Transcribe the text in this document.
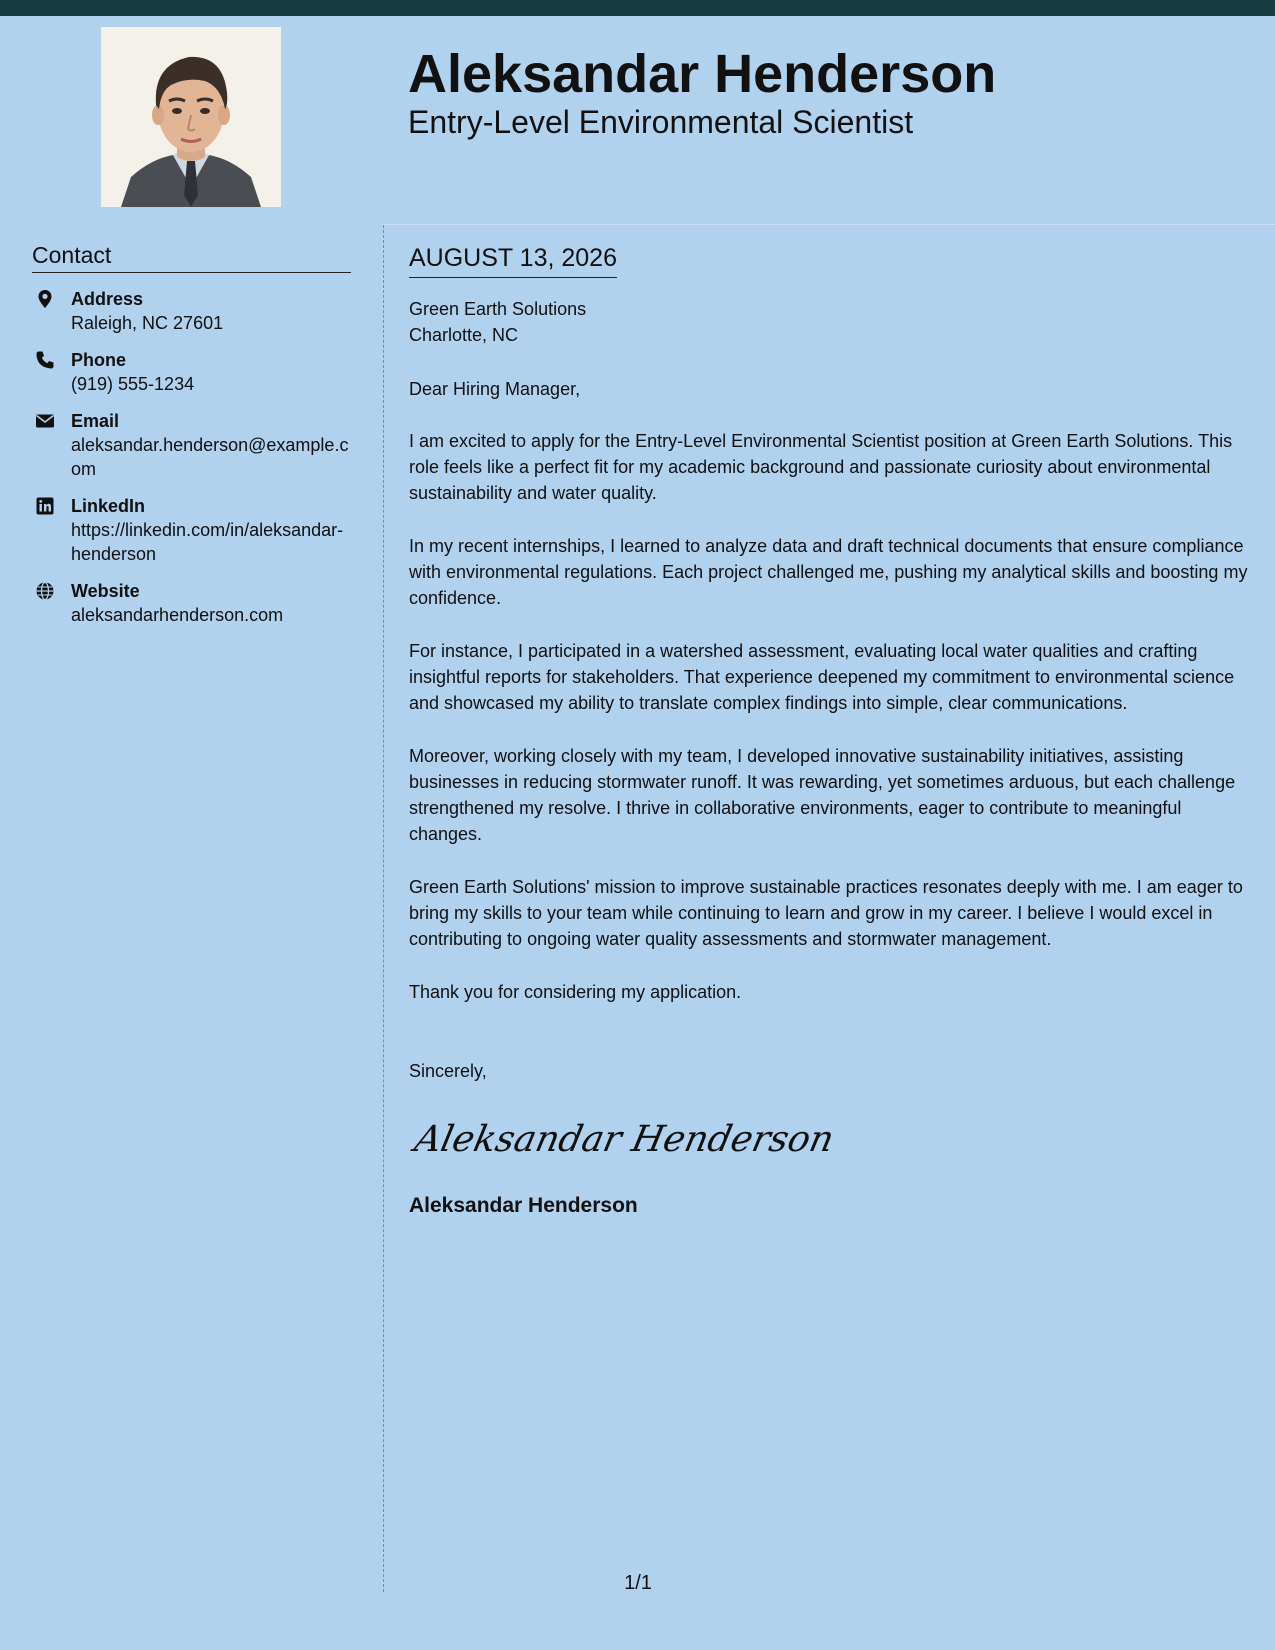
Aleksandar Henderson

Entry-Level Environmental Scientist

Contact
Address
Raleigh, NC 27601
Phone
(919) 555-1234
Email
aleksandar.henderson@example.com
LinkedIn
https://linkedin.com/in/aleksandar-henderson
Website
aleksandarhenderson.com
AUGUST 13, 2026

Green Earth Solutions

Charlotte, NC

Dear Hiring Manager,

I am excited to apply for the Entry-Level Environmental Scientist position at Green Earth Solutions. This role feels like a perfect fit for my academic background and passionate curiosity about environmental sustainability and water quality.

In my recent internships, I learned to analyze data and draft technical documents that ensure compliance with environmental regulations. Each project challenged me, pushing my analytical skills and boosting my confidence.

For instance, I participated in a watershed assessment, evaluating local water qualities and crafting insightful reports for stakeholders. That experience deepened my commitment to environmental science and showcased my ability to translate complex findings into simple, clear communications.

Moreover, working closely with my team, I developed innovative sustainability initiatives, assisting businesses in reducing stormwater runoff. It was rewarding, yet sometimes arduous, but each challenge strengthened my resolve. I thrive in collaborative environments, eager to contribute to meaningful changes.

Green Earth Solutions' mission to improve sustainable practices resonates deeply with me. I am eager to bring my skills to your team while continuing to learn and grow in my career. I believe I would excel in contributing to ongoing water quality assessments and stormwater management.

Thank you for considering my application.

Sincerely,

Aleksandar Henderson
Aleksandar Henderson
1/1
